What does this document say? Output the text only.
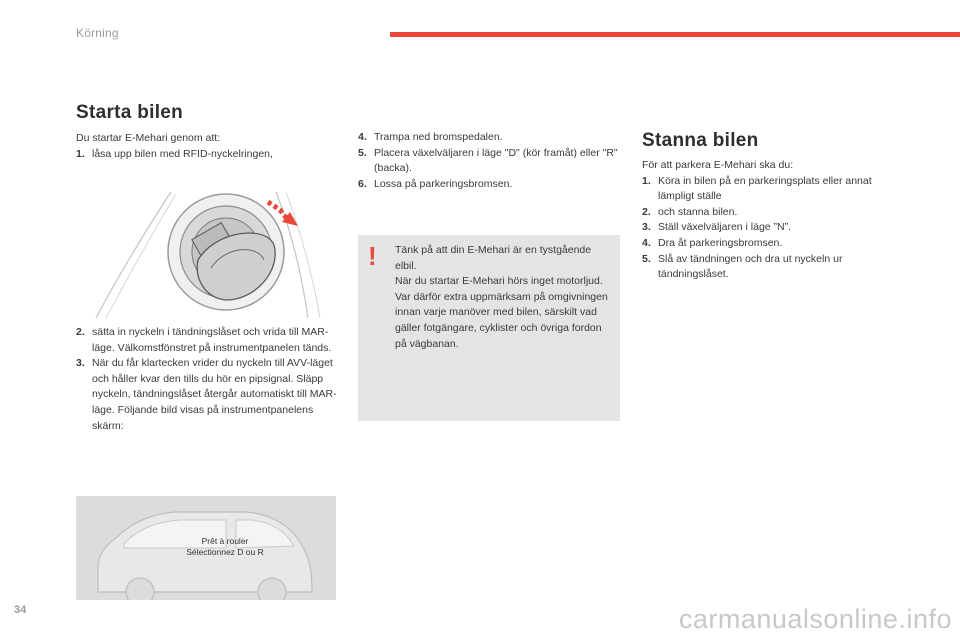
Körning
Starta bilen

Du startar E-Mehari genom att:

1. låsa upp bilen med RFID-nyckelringen,
2. sätta in nyckeln i tändningslåset och vrida till MAR-läge. Välkomstfönstret på instrumentpanelen tänds.
3. När du får klartecken vrider du nyckeln till AVV-läget och håller kvar den tills du hör en pipsignal. Släpp nyckeln, tändningslåset återgår automatiskt till MAR-läge. Följande bild visas på instrumentpanelens skärm:
4. Trampa ned bromspedalen.
5. Placera växelväljaren i läge "D" (kör framåt) eller "R" (backa).
6. Lossa på parkeringsbromsen.
! Tänk på att din E-Mehari är en tystgående elbil.
När du startar E-Mehari hörs inget motorljud.
Var därför extra uppmärksam på omgivningen innan varje manöver med bilen, särskilt vad gäller fotgängare, cyklister och övriga fordon på vägbanan.
Prêt à rouler
Sélectionnez D ou R
Stanna bilen

För att parkera E-Mehari ska du:

1. Köra in bilen på en parkeringsplats eller annat lämpligt ställe
2. och stanna bilen.
3. Ställ växelväljaren i läge ”N”.
4. Dra åt parkeringsbromsen.
5. Slå av tändningen och dra ut nyckeln ur tändningslåset.
34	carmanualsonline.info
